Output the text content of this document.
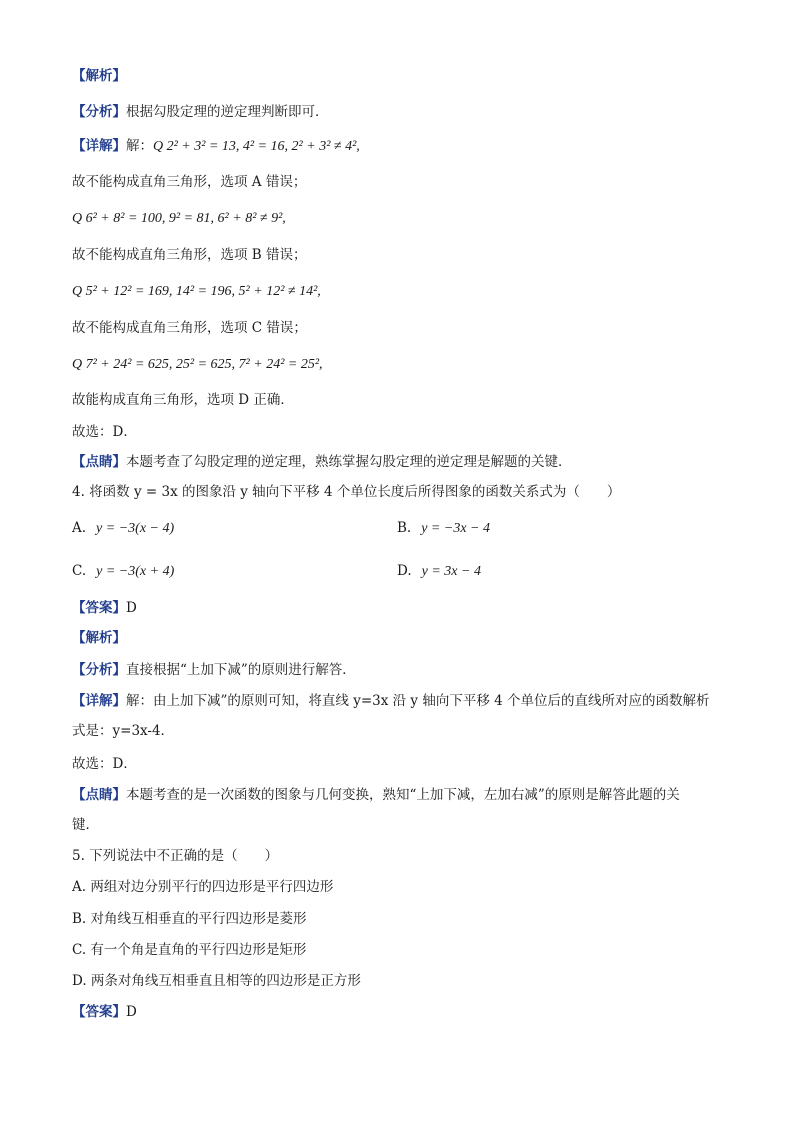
【解析】
【分析】根据勾股定理的逆定理判断即可．
【详解】解：Q 2² + 3² = 13, 4² = 16, 2² + 3² ≠ 4²,
故不能构成直角三角形，选项 A 错误；
Q 6² + 8² = 100, 9² = 81, 6² + 8² ≠ 9²,
故不能构成直角三角形，选项 B 错误；
Q 5² + 12² = 169, 14² = 196, 5² + 12² ≠ 14²,
故不能构成直角三角形，选项 C 错误；
Q 7² + 24² = 625, 25² = 625, 7² + 24² = 25²,
故能构成直角三角形，选项 D 正确．
故选：D．
【点睛】本题考查了勾股定理的逆定理，熟练掌握勾股定理的逆定理是解题的关键．
4. 将函数 y = 3x 的图象沿 y 轴向下平移 4 个单位长度后所得图象的函数关系式为（　　）
A. y = −3(x − 4)	B. y = −3x − 4
C. y = −3(x + 4)	D. y = 3x − 4
【答案】D
【解析】
【分析】直接根据“上加下减”的原则进行解答．
【详解】解：由上加下减”的原则可知，将直线 y=3x 沿 y 轴向下平移 4 个单位后的直线所对应的函数解析
式是：y=3x-4．
故选：D．
【点睛】本题考查的是一次函数的图象与几何变换，熟知“上加下减，左加右减”的原则是解答此题的关
键．
5. 下列说法中不正确的是（　　）
A. 两组对边分别平行的四边形是平行四边形
B. 对角线互相垂直的平行四边形是菱形
C. 有一个角是直角的平行四边形是矩形
D. 两条对角线互相垂直且相等的四边形是正方形
【答案】D
